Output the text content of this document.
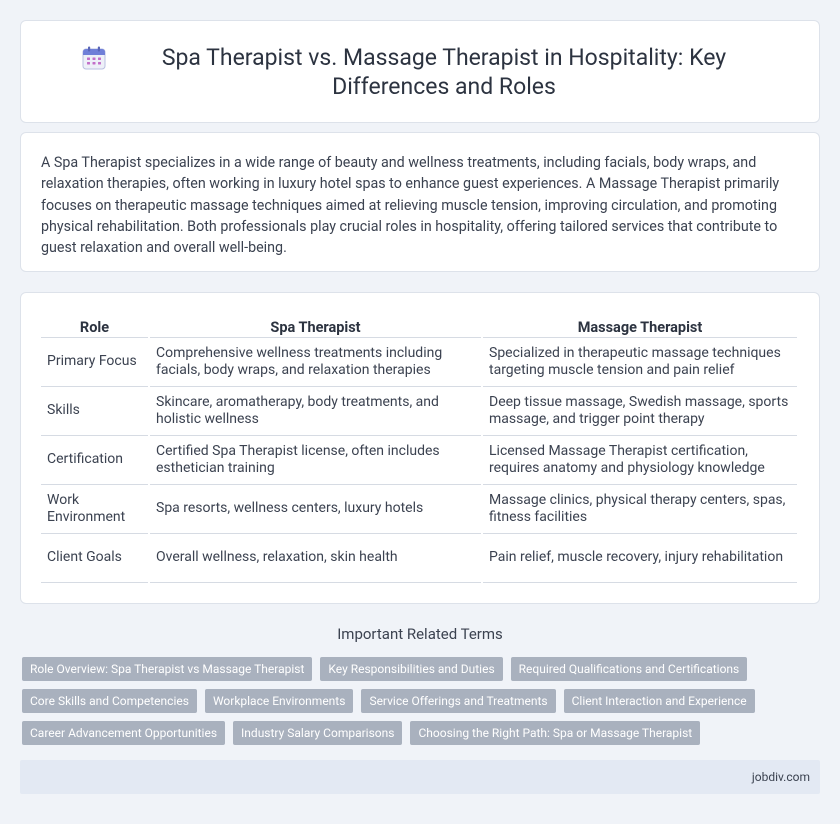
Spa Therapist vs. Massage Therapist in Hospitality: Key Differences and Roles

A Spa Therapist specializes in a wide range of beauty and wellness treatments, including facials, body wraps, and relaxation therapies, often working in luxury hotel spas to enhance guest experiences. A Massage Therapist primarily focuses on therapeutic massage techniques aimed at relieving muscle tension, improving circulation, and promoting physical rehabilitation. Both professionals play crucial roles in hospitality, offering tailored services that contribute to guest relaxation and overall well-being.

Role	Spa Therapist	Massage Therapist
Primary Focus	Comprehensive wellness treatments including facials, body wraps, and relaxation therapies	Specialized in therapeutic massage techniques targeting muscle tension and pain relief
Skills	Skincare, aromatherapy, body treatments, and holistic wellness	Deep tissue massage, Swedish massage, sports massage, and trigger point therapy
Certification	Certified Spa Therapist license, often includes esthetician training	Licensed Massage Therapist certification, requires anatomy and physiology knowledge
Work Environment	Spa resorts, wellness centers, luxury hotels	Massage clinics, physical therapy centers, spas, fitness facilities
Client Goals	Overall wellness, relaxation, skin health	Pain relief, muscle recovery, injury rehabilitation
Important Related Terms
Role Overview: Spa Therapist vs Massage Therapist	Key Responsibilities and Duties	Required Qualifications and Certifications
Core Skills and Competencies	Workplace Environments	Service Offerings and Treatments	Client Interaction and Experience
Career Advancement Opportunities	Industry Salary Comparisons	Choosing the Right Path: Spa or Massage Therapist
jobdiv.com
